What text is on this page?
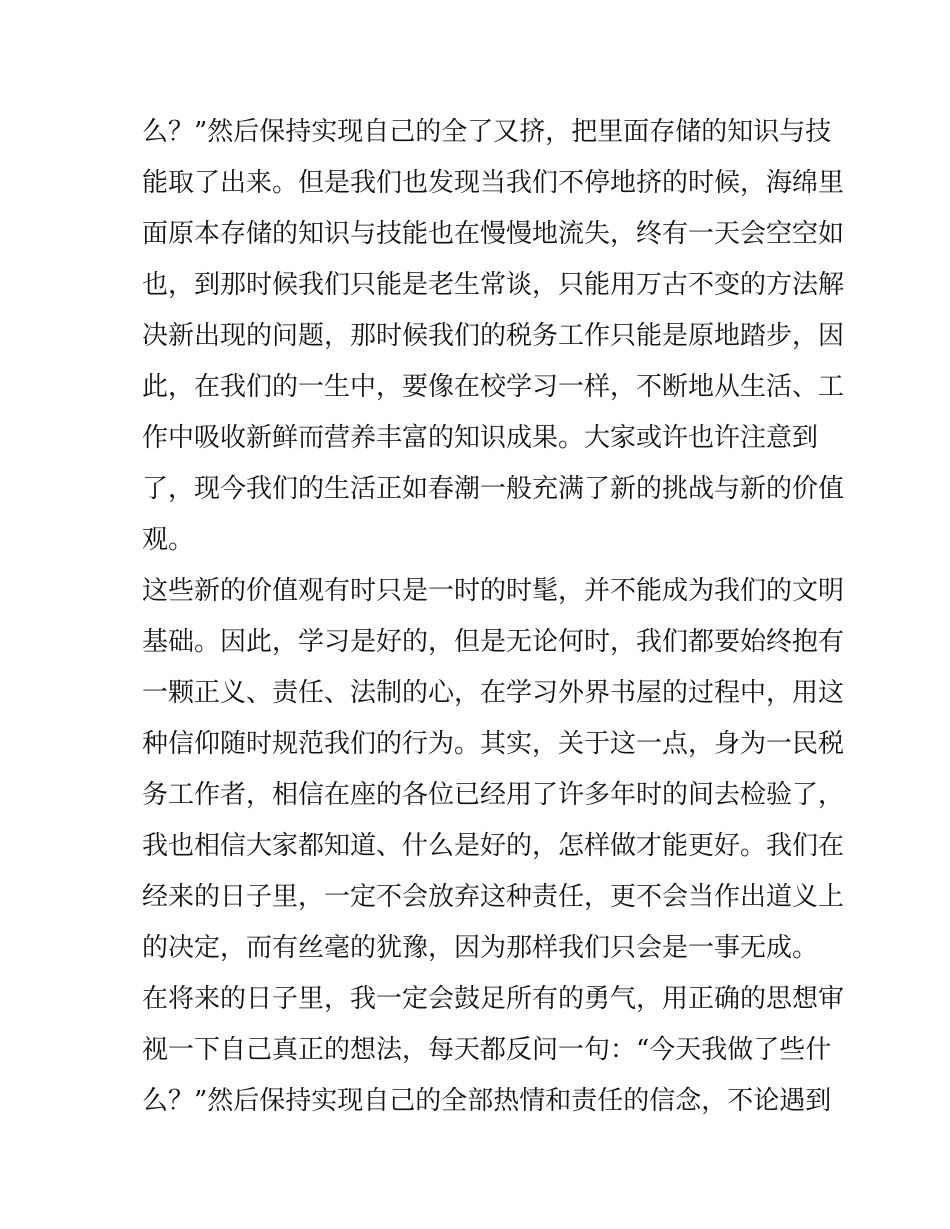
么？”然后保持实现自己的全了又挤，把里面存储的知识与技
能取了出来。但是我们也发现当我们不停地挤的时候，海绵里
面原本存储的知识与技能也在慢慢地流失，终有一天会空空如
也，到那时候我们只能是老生常谈，只能用万古不变的方法解
决新出现的问题，那时候我们的税务工作只能是原地踏步，因
此，在我们的一生中，要像在校学习一样，不断地从生活、工
作中吸收新鲜而营养丰富的知识成果。大家或许也许注意到
了，现今我们的生活正如春潮一般充满了新的挑战与新的价值
观。
这些新的价值观有时只是一时的时髦，并不能成为我们的文明
基础。因此，学习是好的，但是无论何时，我们都要始终抱有
一颗正义、责任、法制的心，在学习外界书屋的过程中，用这
种信仰随时规范我们的行为。其实，关于这一点，身为一民税
务工作者，相信在座的各位已经用了许多年时的间去检验了，
我也相信大家都知道、什么是好的，怎样做才能更好。我们在
经来的日子里，一定不会放弃这种责任，更不会当作出道义上
的决定，而有丝毫的犹豫，因为那样我们只会是一事无成。
在将来的日子里，我一定会鼓足所有的勇气，用正确的思想审
视一下自己真正的想法，每天都反问一句：“今天我做了些什
么？”然后保持实现自己的全部热情和责任的信念，不论遇到
